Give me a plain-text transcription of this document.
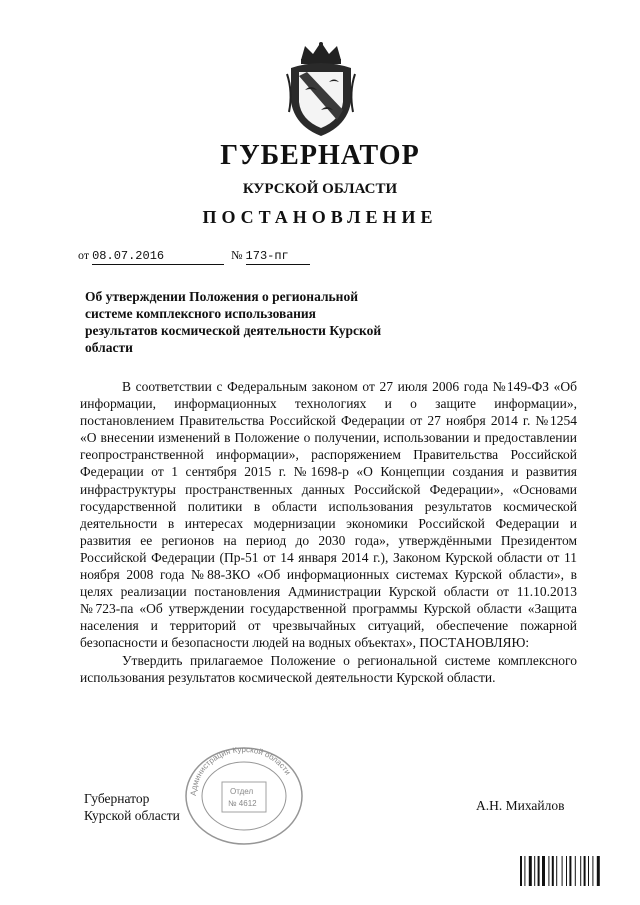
ГУБЕРНАТОР
КУРСКОЙ ОБЛАСТИ
ПОСТАНОВЛЕНИЕ
от 08.07.2016	№ 173-пг
Об утверждении Положения о региональной системе комплексного использования результатов космической деятельности Курской области

В соответствии с Федеральным законом от 27 июля 2006 года №149-ФЗ «Об информации, информационных технологиях и о защите информации», постановлением Правительства Российской Федерации от 27 ноября 2014 г. №1254 «О внесении изменений в Положение о получении, использовании и предоставлении геопространственной информации», распоряжением Правительства Российской Федерации от 1 сентября 2015 г. №1698-р «О Концепции создания и развития инфраструктуры пространственных данных Российской Федерации», «Основами государственной политики в области использования результатов космической деятельности в интересах модернизации экономики Российской Федерации и развития ее регионов на период до 2030 года», утверждёнными Президентом Российской Федерации (Пр-51 от 14 января 2014 г.), Законом Курской области от 11 ноября 2008 года №88-ЗКО «Об информационных системах Курской области», в целях реализации постановления Администрации Курской области от 11.10.2013 №723-па «Об утверждении государственной программы Курской области «Защита населения и территорий от чрезвычайных ситуаций, обеспечение пожарной безопасности и безопасности людей на водных объектах», ПОСТАНОВЛЯЮ:

Утвердить прилагаемое Положение о региональной системе комплексного использования результатов космической деятельности Курской области.

Администрация Курской области
Отдел
№ 4612
Губернатор
Курской области
А.Н. Михайлов
